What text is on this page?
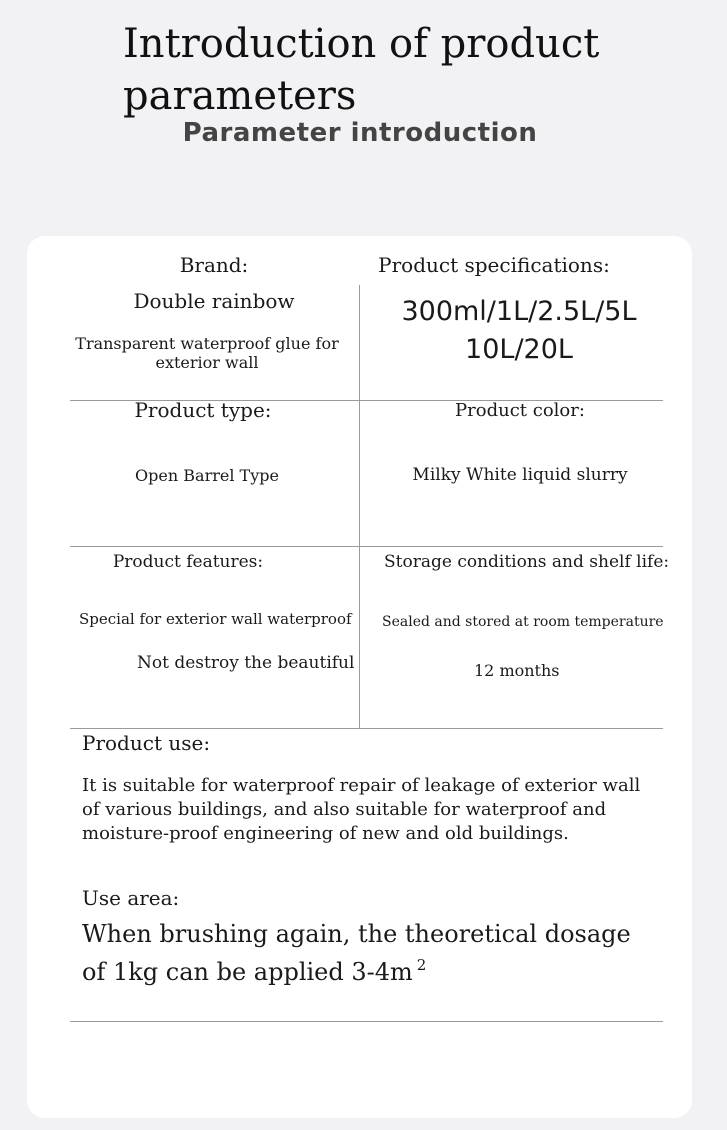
Introduction of product parameters
Parameter introduction
Brand:
Double rainbow
Transparent waterproof glue for exterior wall
Product specifications:
300ml/1L/2.5L/5L
10L/20L
Product type:
Open Barrel Type
Product color:
Milky White liquid slurry
Product features:
Special for exterior wall waterproof
Not destroy the beautiful
Storage conditions and shelf life:
Sealed and stored at room temperature
12 months
Product use:

It is suitable for waterproof repair of leakage of exterior wall of various buildings, and also suitable for waterproof and moisture-proof engineering of new and old buildings.

Use area:

When brushing again, the theoretical dosage of 1kg can be applied 3-4m $^2$
